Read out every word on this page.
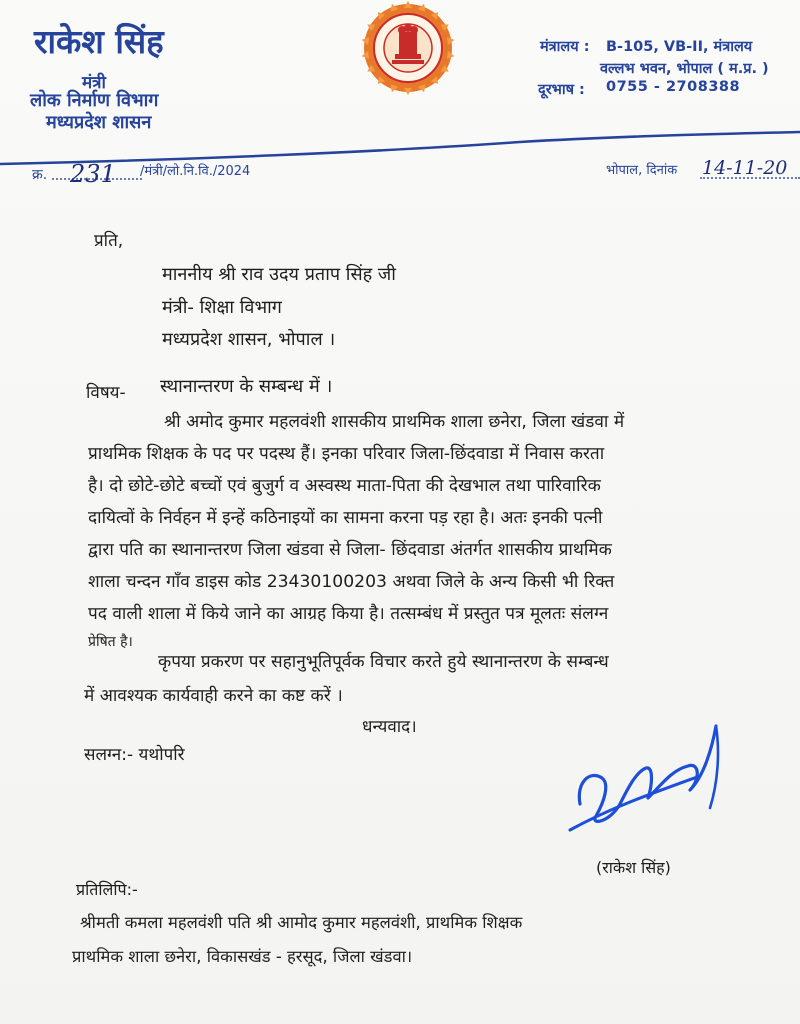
राकेश सिंह
मंत्री
लोक निर्माण विभाग
मध्यप्रदेश शासन
मंत्रालय : B-105, VB-II, मंत्रालय
वल्लभ भवन, भोपाल ( म.प्र. )
दूरभाष : 0755 - 2708388
क्र. 231 /मंत्री/लो.नि.वि./2024	भोपाल, दिनांक 14-11-20
प्रति,
माननीय श्री राव उदय प्रताप सिंह जी
मंत्री- शिक्षा विभाग
मध्यप्रदेश शासन, भोपाल ।
विषय- स्थानान्तरण के सम्बन्ध में ।
श्री अमोद कुमार महलवंशी शासकीय प्राथमिक शाला छनेरा, जिला खंडवा में
प्राथमिक शिक्षक के पद पर पदस्थ हैं। इनका परिवार जिला-छिंदवाडा में निवास करता
है। दो छोटे-छोटे बच्चों एवं बुजुर्ग व अस्वस्थ माता-पिता की देखभाल तथा पारिवारिक
दायित्वों के निर्वहन में इन्हें कठिनाइयों का सामना करना पड़ रहा है। अतः इनकी पत्नी
द्वारा पति का स्थानान्तरण जिला खंडवा से जिला- छिंदवाडा अंतर्गत शासकीय प्राथमिक
शाला चन्दन गाँव डाइस कोड 23430100203 अथवा जिले के अन्य किसी भी रिक्त
पद वाली शाला में किये जाने का आग्रह किया है। तत्सम्बंध में प्रस्तुत पत्र मूलतः संलग्न
प्रेषित है।
कृपया प्रकरण पर सहानुभूतिपूर्वक विचार करते हुये स्थानान्तरण के सम्बन्ध
में आवश्यक कार्यवाही करने का कष्ट करें ।
धन्यवाद।
सलग्न:- यथोपरि
(राकेश सिंह)
प्रतिलिपि:-
श्रीमती कमला महलवंशी पति श्री आमोद कुमार महलवंशी, प्राथमिक शिक्षक
प्राथमिक शाला छनेरा, विकासखंड - हरसूद, जिला खंडवा।
